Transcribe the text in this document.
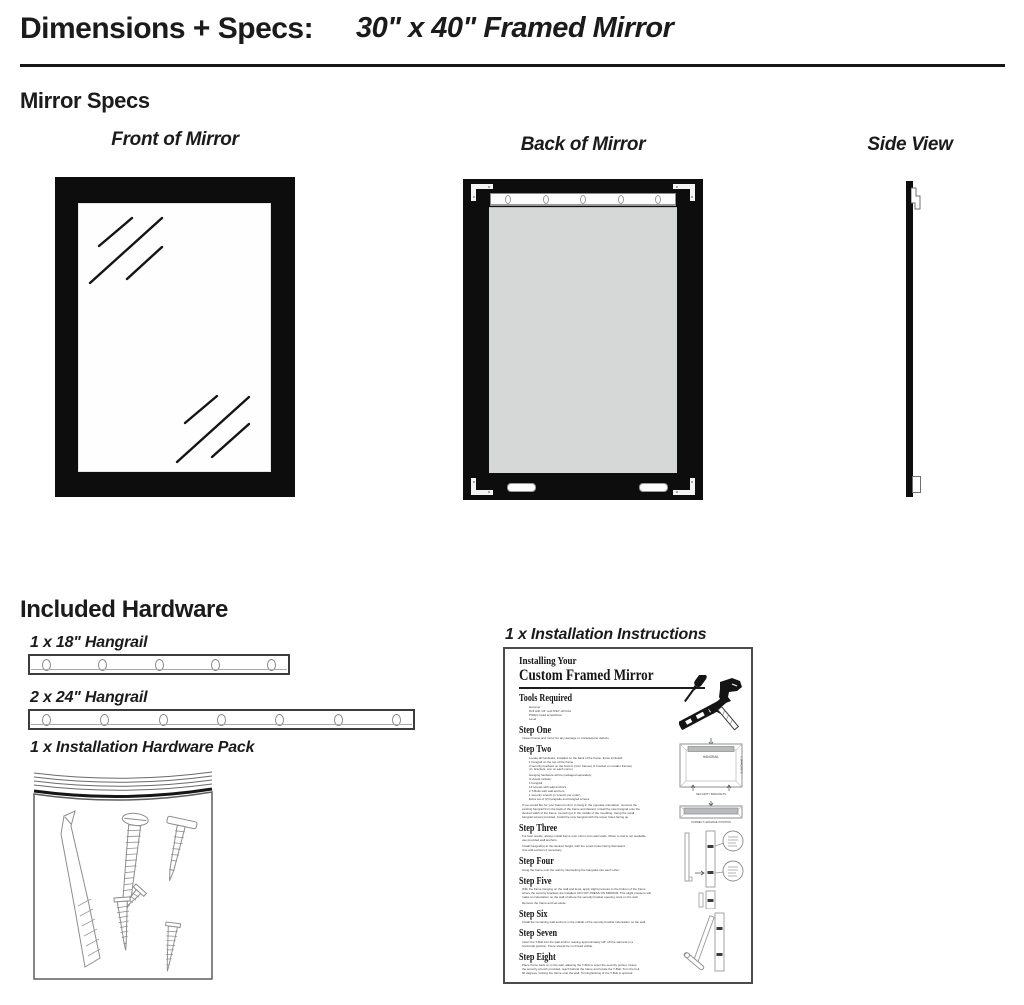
Dimensions + Specs: 30" x 40" Framed Mirror
Mirror Specs
Front of Mirror	Back of Mirror	Side View
Included Hardware
1 x 18" Hangrail
2 x 24" Hangrail
1 x Installation Hardware Pack
1 x Installation Instructions
Installing Your
Custom Framed Mirror
Tools Required
Hammer
Drill with 1/4" and 5/32" drill bits
Phillips head screwdriver
Level
Step One
Inspect frame and mirror for any damage or manufacturer defects.
Step Two
Locate all hardware, installed on the back of the frame, these included:
1 hangrail on the top of the frame
2 security brackets on the bottom (4 for frames) (1 bracket on smaller frames)
4 L brackets, one on each corner
Hanging hardware will be packaged separately.
It should include:
1 hangrail
12 screws with wall anchors
2 T-Bolts with wall anchors
1 security wrench (1 wrench per order)
Extra set of (2) hangrails and hangrail screws
If you would like for your framed mirror to hang in the opposite orientation, unscrew the
existing hangrail from the back of the frame and discard. Install the new hangrail onto the
desired width of the frame, centering it in the middle of the moulding. Using the small
hangrail screws provided, install the new hangrail with the screw holes facing up.
Step Three
For best results, always install frame onto mirror onto wall studs. When a stud is not available,
use provided wall anchors.
Install hangrail(s) at the desired height, with the screw holes facing downward.
Use wall anchors if necessary.
Step Four
Hang the frame onto the wall by interlocking the hangrails into each other.
Step Five
With the frame hanging on the wall and level, apply slight pressure to the bottom of the frame
where the security brackets are installed. DO NOT PRESS ON MIRROR. This slight pressure will
make an indentation on the wall of where the security bracket opening rests on the wall.
Remove the frame and set aside.
Step Six
Install the remaining wall anchors in the middle of the security bracket indentation on the wall.
Step Seven
Insert the T-Bolt into the wall anchor, leaving approximately 1/8" off the wall and in a
horizontal position. There should be no thread visible.
Step Eight
Place frame back on to the wall, allowing the T-Bolt to enter the security pocket. Grasp
the security wrench provided, reach behind the frame and locate the T-Bolt. Turn the bolt
90 degrees, locking the frame onto the wall. Turning/locking of the T-Bolt is optional.
HANGRAIL	L BRACKETS
SECURITY BRACKETS
CORRECT HANGRAIL POSITION
